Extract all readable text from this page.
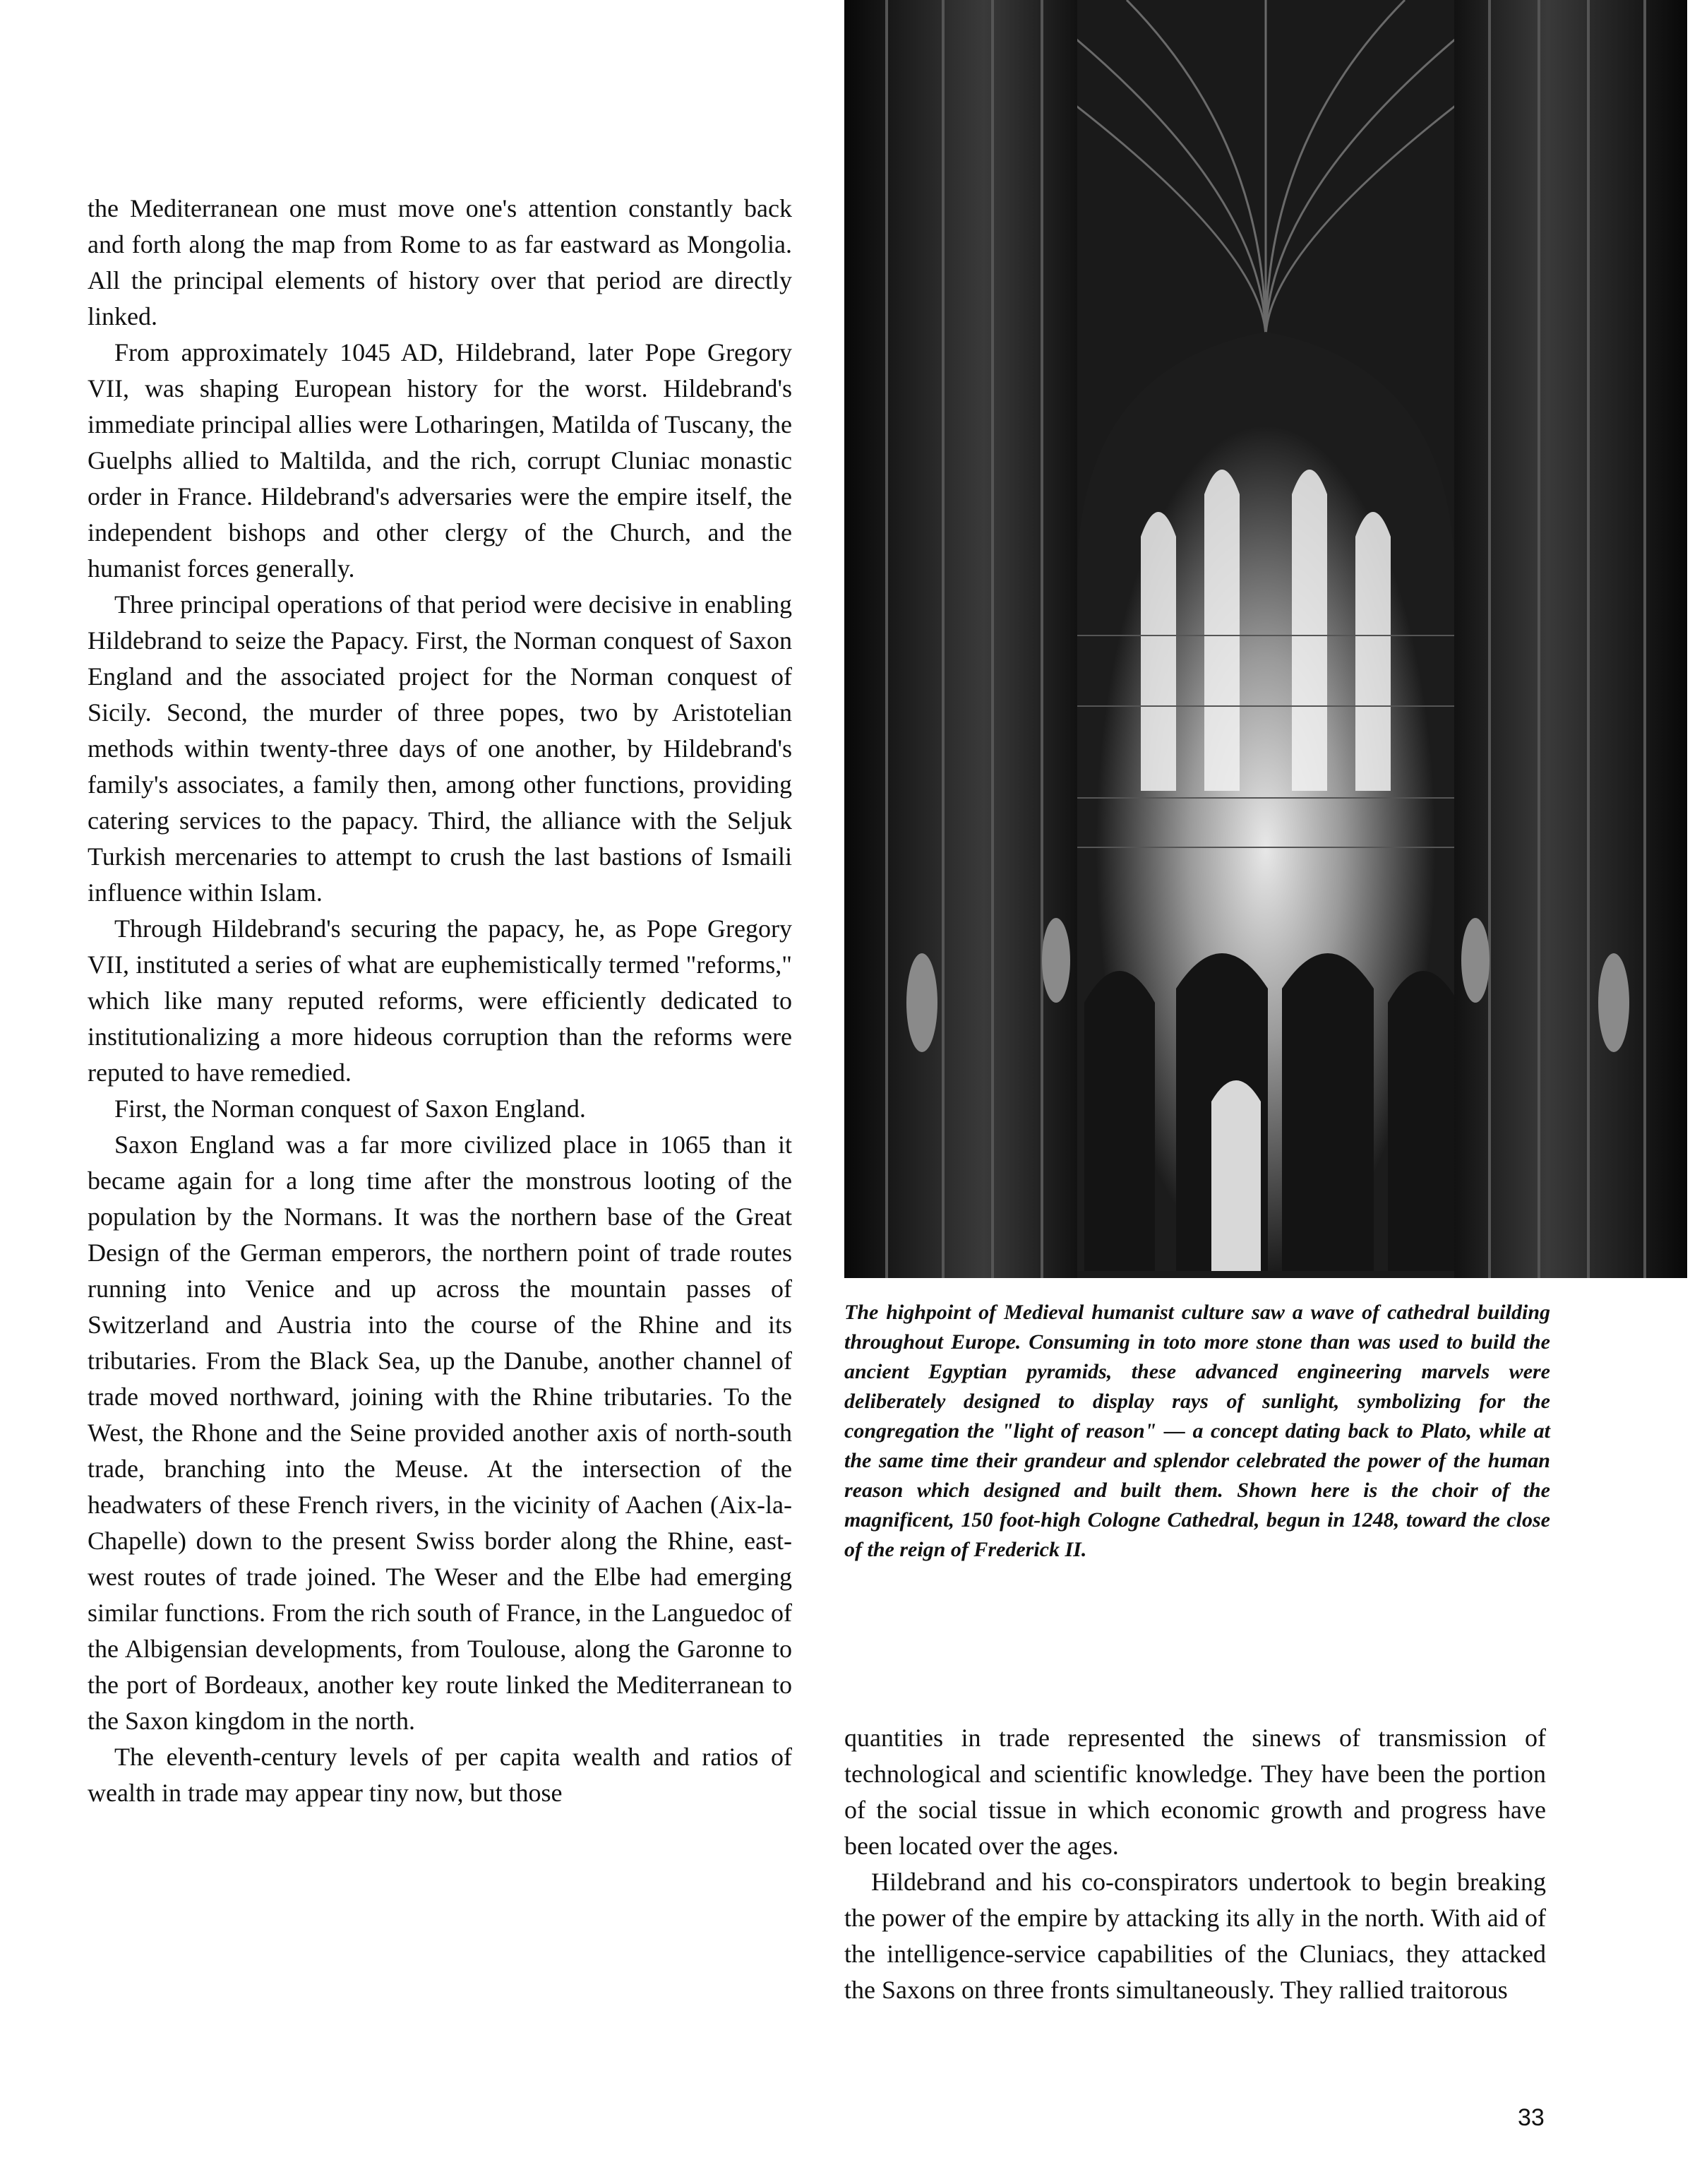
the Mediterranean one must move one's attention constantly back and forth along the map from Rome to as far eastward as Mongolia. All the principal elements of history over that period are directly linked.

From approximately 1045 AD, Hildebrand, later Pope Gregory VII, was shaping European history for the worst. Hildebrand's immediate principal allies were Lotharingen, Matilda of Tuscany, the Guelphs allied to Maltilda, and the rich, corrupt Cluniac monastic order in France. Hildebrand's adversaries were the empire itself, the independent bishops and other clergy of the Church, and the humanist forces generally.

Three principal operations of that period were decisive in enabling Hildebrand to seize the Papacy. First, the Norman conquest of Saxon England and the associated project for the Norman conquest of Sicily. Second, the murder of three popes, two by Aristotelian methods within twenty-three days of one another, by Hildebrand's family's associates, a family then, among other functions, providing catering services to the papacy. Third, the alliance with the Seljuk Turkish mercenaries to attempt to crush the last bastions of Ismaili influence within Islam.

Through Hildebrand's securing the papacy, he, as Pope Gregory VII, instituted a series of what are euphemistically termed "reforms," which like many reputed reforms, were efficiently dedicated to institutionalizing a more hideous corruption than the reforms were reputed to have remedied.

First, the Norman conquest of Saxon England.

Saxon England was a far more civilized place in 1065 than it became again for a long time after the monstrous looting of the population by the Normans. It was the northern base of the Great Design of the German emperors, the northern point of trade routes running into Venice and up across the mountain passes of Switzerland and Austria into the course of the Rhine and its tributaries. From the Black Sea, up the Danube, another channel of trade moved northward, joining with the Rhine tributaries. To the West, the Rhone and the Seine provided another axis of north-south trade, branching into the Meuse. At the intersection of the headwaters of these French rivers, in the vicinity of Aachen (Aix-la-Chapelle) down to the present Swiss border along the Rhine, east-west routes of trade joined. The Weser and the Elbe had emerging similar functions. From the rich south of France, in the Languedoc of the Albigensian developments, from Toulouse, along the Garonne to the port of Bordeaux, another key route linked the Mediterranean to the Saxon kingdom in the north.

The eleventh-century levels of per capita wealth and ratios of wealth in trade may appear tiny now, but those

The highpoint of Medieval humanist culture saw a wave of cathedral building throughout Europe. Consuming in toto more stone than was used to build the ancient Egyptian pyramids, these advanced engineering marvels were deliberately designed to display rays of sunlight, symbolizing for the congregation the "light of reason" — a concept dating back to Plato, while at the same time their grandeur and splendor celebrated the power of the human reason which designed and built them. Shown here is the choir of the magnificent, 150 foot-high Cologne Cathedral, begun in 1248, toward the close of the reign of Frederick II.

quantities in trade represented the sinews of transmission of technological and scientific knowledge. They have been the portion of the social tissue in which economic growth and progress have been located over the ages.

Hildebrand and his co-conspirators undertook to begin breaking the power of the empire by attacking its ally in the north. With aid of the intelligence-service capabilities of the Cluniacs, they attacked the Saxons on three fronts simultaneously. They rallied traitorous

33
